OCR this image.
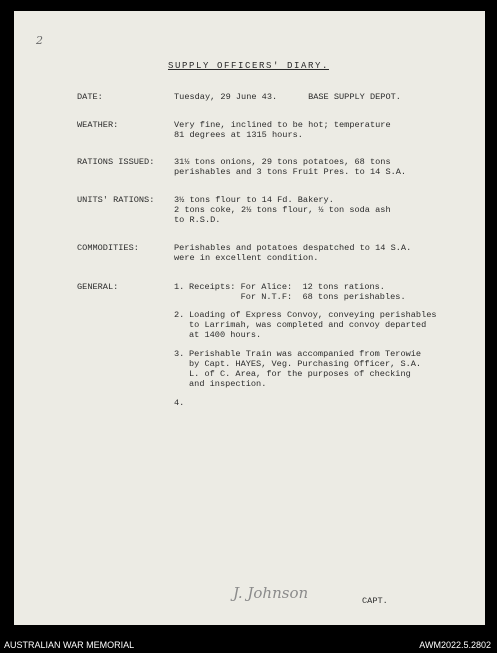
2
SUPPLY OFFICERS' DIARY.
DATE:	Tuesday, 29 June 43.      BASE SUPPLY DEPOT.
WEATHER:	Very fine, inclined to be hot; temperature
81 degrees at 1315 hours.
RATIONS ISSUED: 31½ tons onions, 29 tons potatoes, 68 tons
perishables and 3 tons Fruit Pres. to 14 S.A.
UNITS' RATIONS: 3½ tons flour to 14 Fd. Bakery.
2 tons coke, 2½ tons flour, ½ ton soda ash
to R.S.D.
COMMODITIES:	Perishables and potatoes despatched to 14 S.A.
were in excellent condition.
GENERAL:	1. Receipts: For Alice:  12 tons rations.
For N.T.F:  68 tons perishables.
2. Loading of Express Convoy, conveying perishables
to Larrimah, was completed and convoy departed
at 1400 hours.
3. Perishable Train was accompanied from Terowie
by Capt. HAYES, Veg. Purchasing Officer, S.A.
L. of C. Area, for the purposes of checking
and inspection.
4.
J. Johnson	CAPT.
AUSTRALIAN WAR MEMORIAL	AWM2022.5.2802
